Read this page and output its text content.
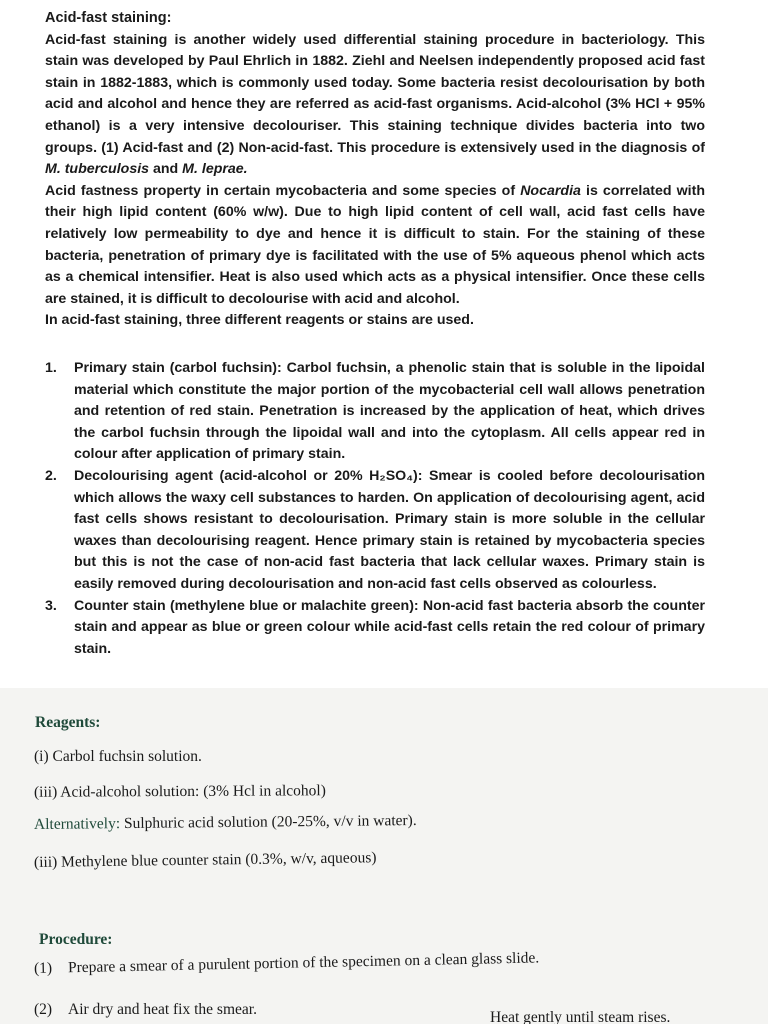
Acid-fast staining:

Acid-fast staining is another widely used differential staining procedure in bacteriology. This stain was developed by Paul Ehrlich in 1882. Ziehl and Neelsen independently proposed acid fast stain in 1882-1883, which is commonly used today. Some bacteria resist decolourisation by both acid and alcohol and hence they are referred as acid-fast organisms. Acid-alcohol (3% HCl + 95% ethanol) is a very intensive decolouriser. This staining technique divides bacteria into two groups. (1) Acid-fast and (2) Non-acid-fast. This procedure is extensively used in the diagnosis of M. tuberculosis and M. leprae.

Acid fastness property in certain mycobacteria and some species of Nocardia is correlated with their high lipid content (60% w/w). Due to high lipid content of cell wall, acid fast cells have relatively low permeability to dye and hence it is difficult to stain. For the staining of these bacteria, penetration of primary dye is facilitated with the use of 5% aqueous phenol which acts as a chemical intensifier. Heat is also used which acts as a physical intensifier. Once these cells are stained, it is difficult to decolourise with acid and alcohol.

In acid-fast staining, three different reagents or stains are used.

1. Primary stain (carbol fuchsin): Carbol fuchsin, a phenolic stain that is soluble in the lipoidal material which constitute the major portion of the mycobacterial cell wall allows penetration and retention of red stain. Penetration is increased by the application of heat, which drives the carbol fuchsin through the lipoidal wall and into the cytoplasm. All cells appear red in colour after application of primary stain.
2. Decolourising agent (acid-alcohol or 20% H₂SO₄): Smear is cooled before decolourisation which allows the waxy cell substances to harden. On application of decolourising agent, acid fast cells shows resistant to decolourisation. Primary stain is more soluble in the cellular waxes than decolourising reagent. Hence primary stain is retained by mycobacteria species but this is not the case of non-acid fast bacteria that lack cellular waxes. Primary stain is easily removed during decolourisation and non-acid fast cells observed as colourless.
3. Counter stain (methylene blue or malachite green): Non-acid fast bacteria absorb the counter stain and appear as blue or green colour while acid-fast cells retain the red colour of primary stain.
Reagents:
(i) Carbol fuchsin solution.
(iii) Acid-alcohol solution: (3% Hcl in alcohol)
Alternatively: Sulphuric acid solution (20-25%, v/v in water).
(iii) Methylene blue counter stain (0.3%, w/v, aqueous)
Procedure:
(1) Prepare a smear of a purulent portion of the specimen on a clean glass slide.
(2) Air dry and heat fix the smear.	Heat gently until steam rises.
